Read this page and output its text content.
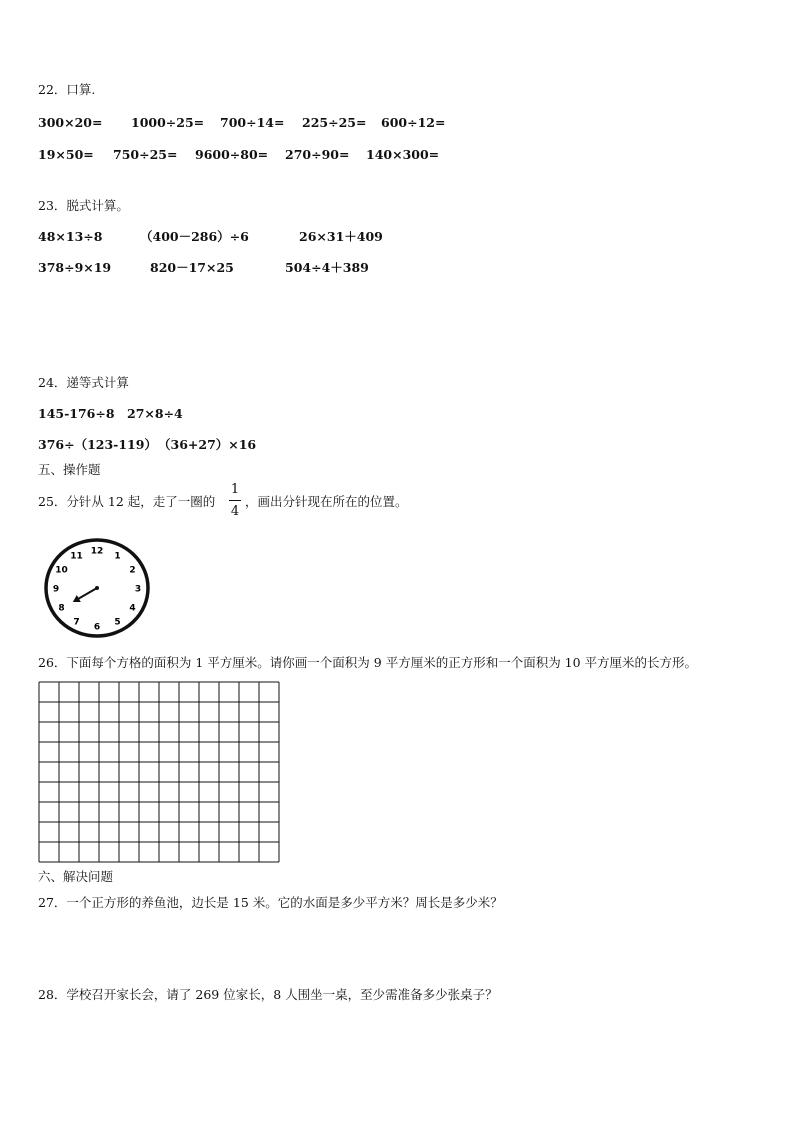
22．口算.
300×20= 1000÷25= 700÷14= 225÷25= 600÷12=
19×50= 750÷25= 9600÷80= 270÷90= 140×300=
23．脱式计算。
48×13÷8	（400－286）÷6	26×31＋409
378÷9×19	820－17×25	504÷4＋389
24．递等式计算
145-176÷8 27×8÷4
376÷（123-119） （36+27）×16
五、操作题
25．分针从 12 起，走了一圈的
1
4
，画出分针现在所在的位置。
12
1
2
3
4
5
6
7
8
9
10
11
26．下面每个方格的面积为 1 平方厘米。请你画一个面积为 9 平方厘米的正方形和一个面积为 10 平方厘米的长方形。
六、解决问题
27．一个正方形的养鱼池，边长是 15 米。它的水面是多少平方米？周长是多少米？
28．学校召开家长会，请了 269 位家长，8 人围坐一桌，至少需准备多少张桌子？
